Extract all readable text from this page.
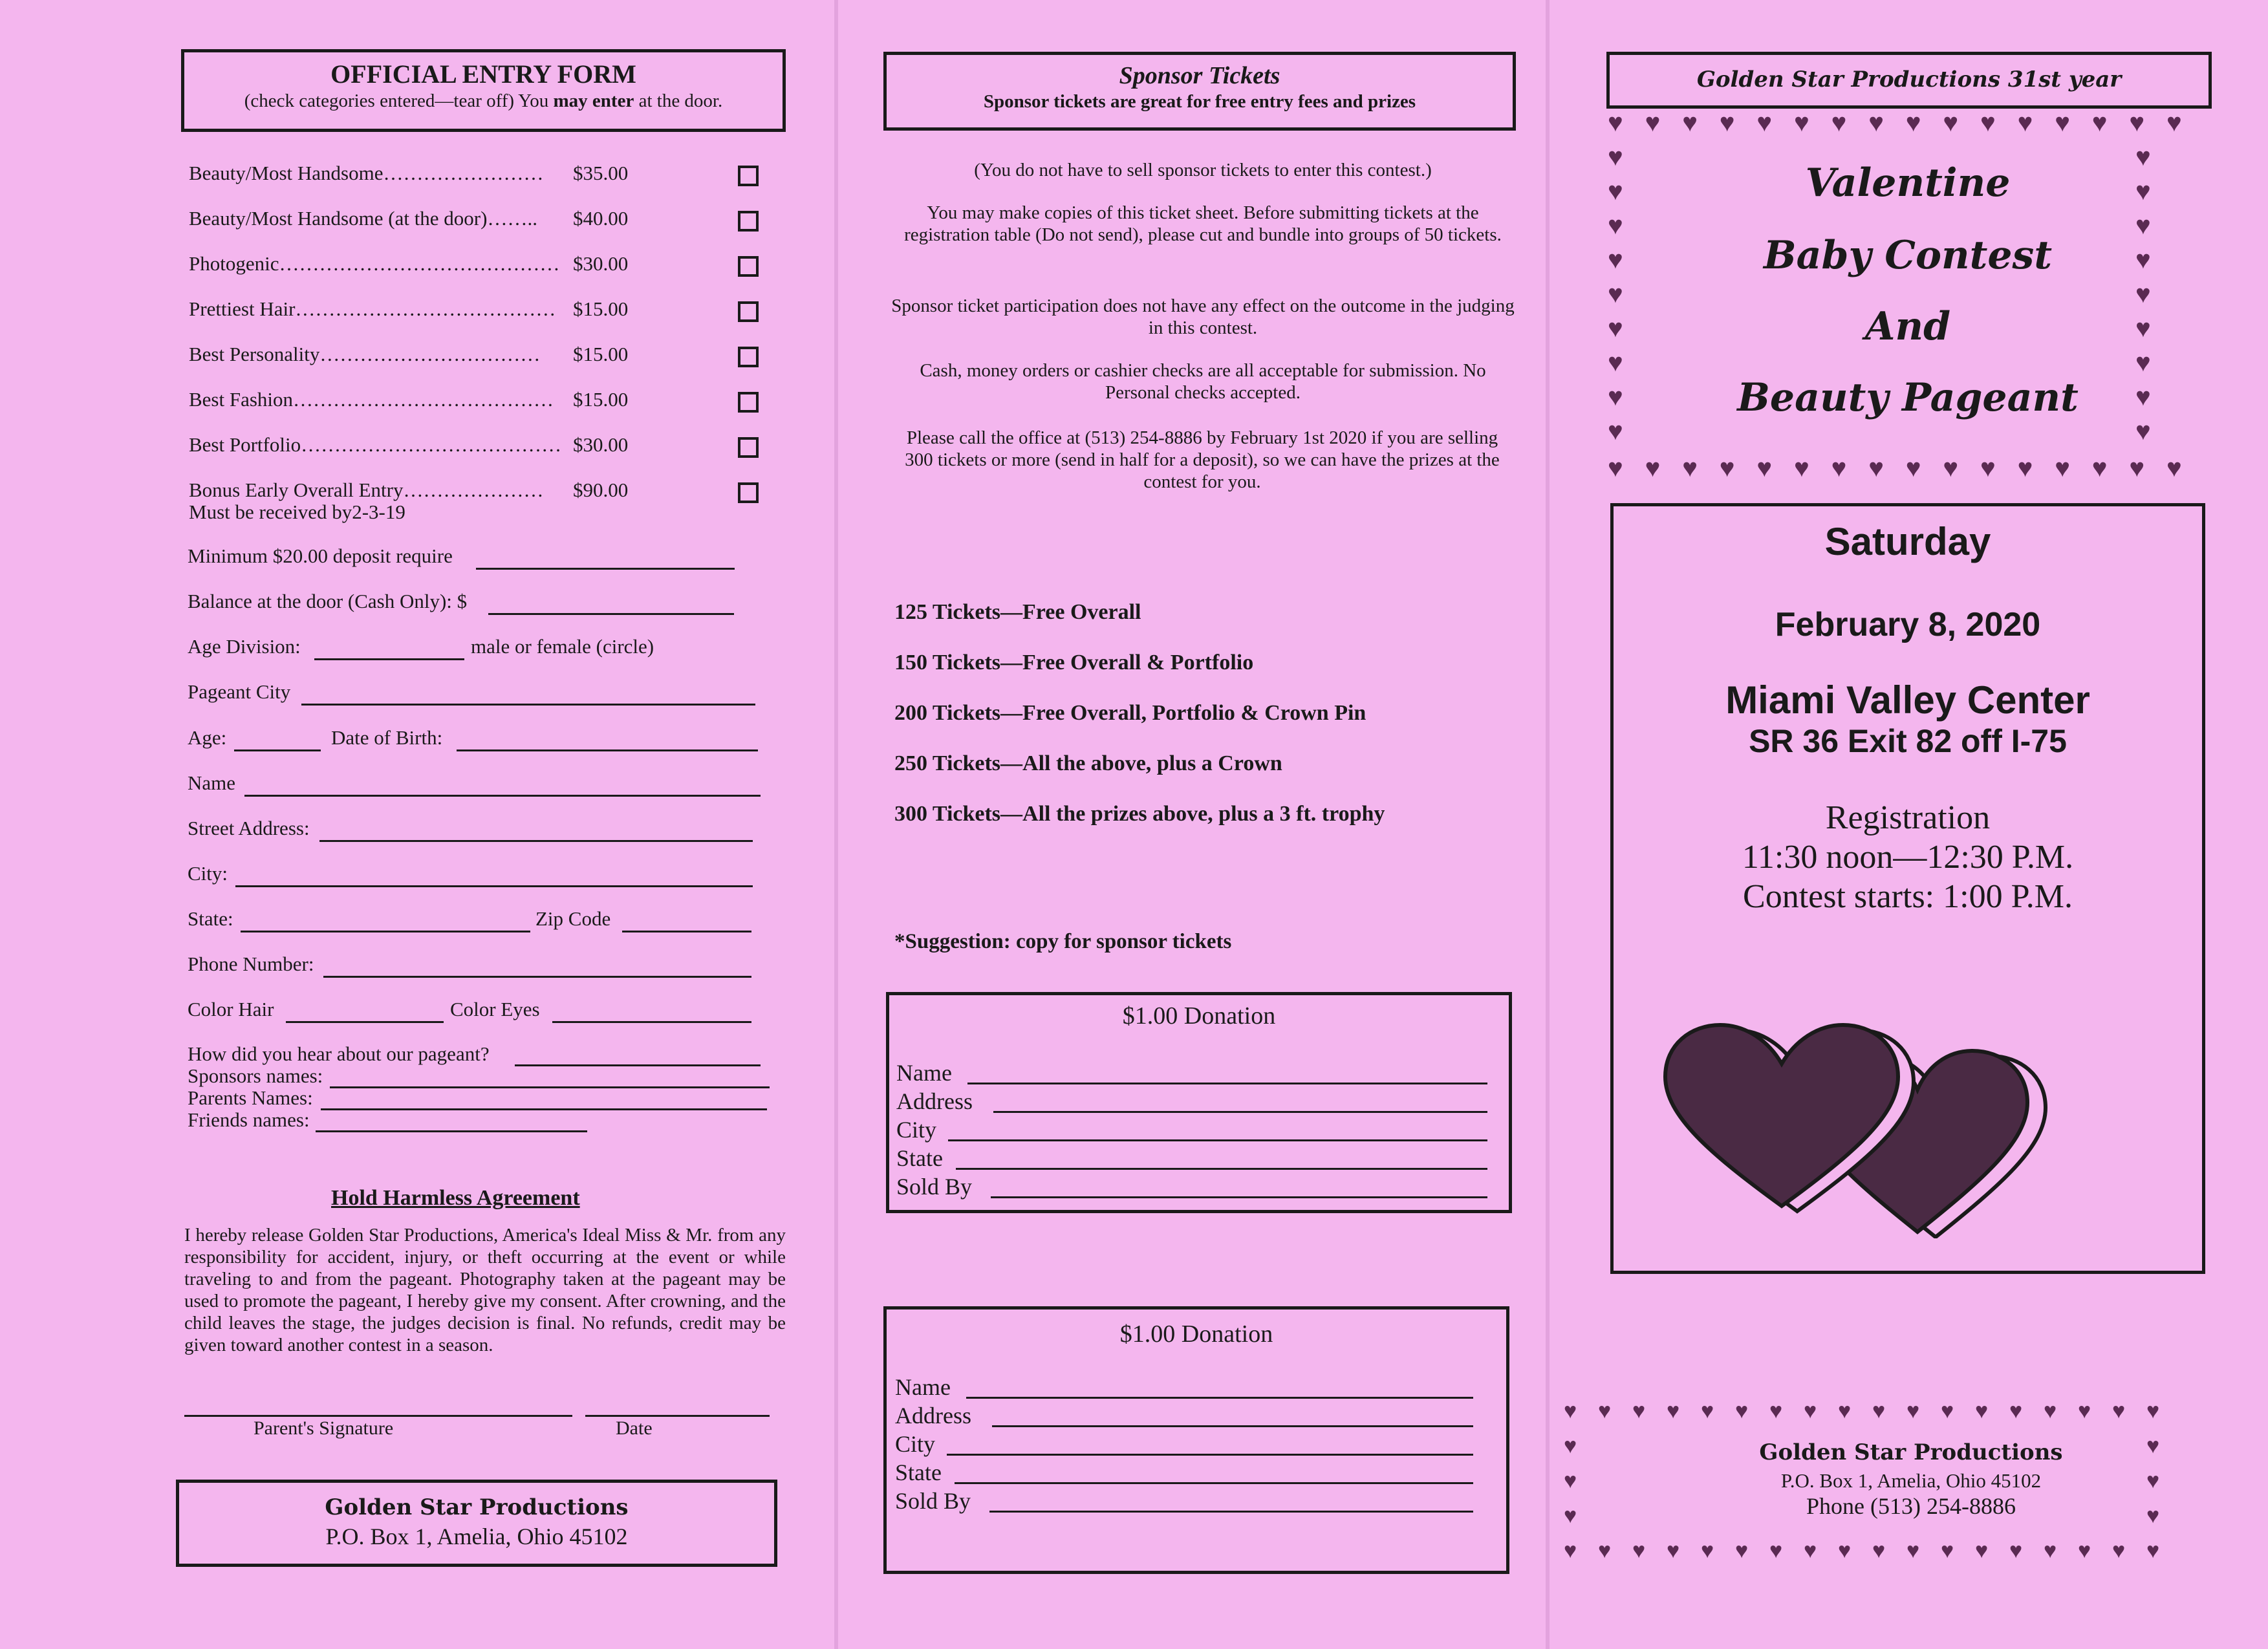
OFFICIAL ENTRY FORM
(check categories entered—tear off) You may enter at the door.
Beauty/Most Handsome…………………… $35.00
Beauty/Most Handsome (at the door)…….. $40.00
Photogenic…………………………………… $30.00
Prettiest Hair………………………………… $15.00
Best Personality…………………………… $15.00
Best Fashion………………………………… $15.00
Best Portfolio………………………………… $30.00
Bonus Early Overall Entry………………… $90.00
Must be received by2-3-19
Minimum $20.00 deposit require
Balance at the door (Cash Only): $
Age Division:	male or female (circle)
Pageant City
Age:	Date of Birth:
Name
Street Address:
City:
State:	Zip Code
Phone Number:
Color Hair	Color Eyes
How did you hear about our pageant?
Sponsors names:
Parents Names:
Friends names:
Hold Harmless Agreement
I hereby release Golden Star Productions, America's Ideal Miss & Mr. from any responsibility for accident, injury, or theft occurring at the event or while traveling to and from the pageant. Photography taken at the pageant may be used to promote the pageant, I hereby give my consent. After crowning, and the child leaves the stage, the judges decision is final. No refunds, credit may be given toward another contest in a season.
Parent's Signature	Date
Golden Star Productions
P.O. Box 1, Amelia, Ohio 45102
Sponsor Tickets
Sponsor tickets are great for free entry fees and prizes
(You do not have to sell sponsor tickets to enter this contest.)
You may make copies of this ticket sheet. Before submitting tickets at the registration table (Do not send), please cut and bundle into groups of 50 tickets.
Sponsor ticket participation does not have any effect on the outcome in the judging in this contest.
Cash, money orders or cashier checks are all acceptable for submission. No Personal checks accepted.
Please call the office at (513) 254-8886 by February 1st 2020 if you are selling 300 tickets or more (send in half for a deposit), so we can have the prizes at the contest for you.
125 Tickets—Free Overall
150 Tickets—Free Overall & Portfolio
200 Tickets—Free Overall, Portfolio & Crown Pin
250 Tickets—All the above, plus a Crown
300 Tickets—All the prizes above, plus a 3 ft. trophy
*Suggestion: copy for sponsor tickets
$1.00 Donation
Name
Address
City
State
Sold By
$1.00 Donation
Name
Address
City
State
Sold By
Golden Star Productions 31st year
♥
♥
♥
♥
♥
♥
♥
♥
♥
♥
♥
♥
♥
♥
♥
♥
♥
♥
♥
♥
♥
♥
♥
♥
♥
♥
♥
♥
♥
♥
♥
♥
♥	♥
♥	♥
♥	♥
♥	♥
♥	♥
♥	♥
♥	♥
♥	♥
♥	♥
Valentine
Baby Contest
And
Beauty Pageant
Saturday
February 8, 2020
Miami Valley Center
SR 36 Exit 82 off I-75
Registration
11:30 noon—12:30 P.M.
Contest starts: 1:00 P.M.
♥
♥
♥
♥
♥
♥
♥
♥
♥
♥
♥
♥
♥
♥
♥
♥
♥
♥
♥
♥
♥
♥
♥
♥
♥
♥
♥
♥
♥
♥
♥
♥
♥
♥
♥
♥
♥	♥
♥	♥
♥	♥
Golden Star Productions
P.O. Box 1, Amelia, Ohio 45102
Phone (513) 254-8886
